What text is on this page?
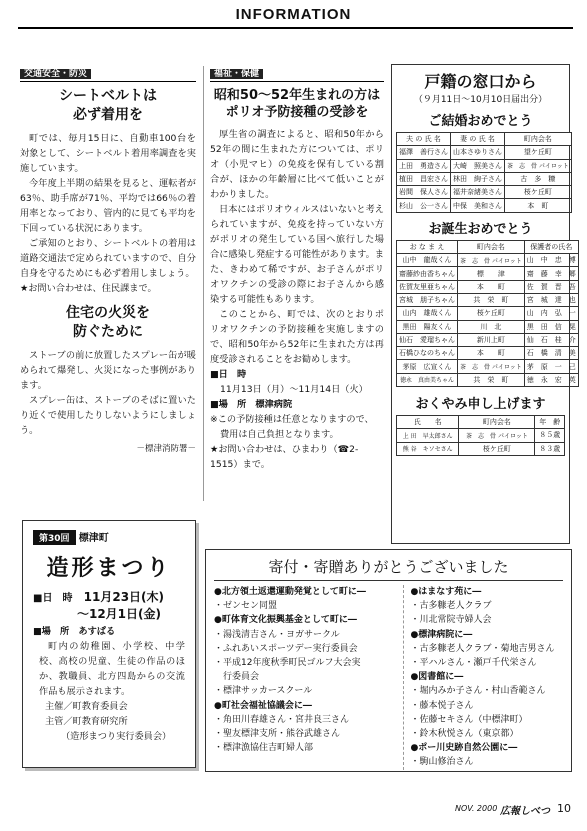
INFORMATION
交通安全・防災
シートベルトは
必ず着用を
町では、毎月15日に、自動車100台を対象として、シートベルト着用率調査を実施しています。
今年度上半期の結果を見ると、運転者が63％、助手席が71％、平均では66％の着用率となっており、管内的に見ても平均を下回っている状況にあります。
ご承知のとおり、シートベルトの着用は道路交通法で定められていますので、自分自身を守るためにも必ず着用しましょう。
★お問い合わせは、住民課まで。
住宅の火災を
防ぐために
ストーブの前に放置したスプレー缶が暖められて爆発し、火災になった事例があります。
スプレー缶は、ストーブのそばに置いたり近くで使用したりしないようにしましょう。
－標津消防署－
福祉・保健
昭和50〜52年生まれの方は
ポリオ予防接種の受診を
厚生省の調査によると、昭和50年から52年の間に生まれた方については、ポリオ（小児マヒ）の免疫を保有している割合が、ほかの年齢層に比べて低いことがわかりました。
日本にはポリオウィルスはいないと考えられていますが、免疫を持っていない方がポリオの発生している国へ旅行した場合に感染し発症する可能性があります。また、きわめて稀ですが、お子さんがポリオワクチンの受診の際にお子さんから感染する可能性もあります。
このことから、町では、次のとおりポリオワクチンの予防接種を実施しますので、昭和50年から52年に生まれた方は再度受診されることをお勧めします。
■日　時
11月13日（月）〜11月14日（火）
■場　所　標津病院
※この予防接種は任意となりますので、
費用は自己負担となります。
★お問い合わせは、ひまわり（☎2-1515）まで。
戸籍の窓口から
（９月11日〜10月10日届出分）
ご結婚おめでとう
夫 の 氏 名	妻 の 氏 名	町内会名
福澤　善行さん	山本さゆりさん	望ケ丘町
上田　勇造さん	大崎　照美さん	茶　志　骨 パイロット
植田　昌宏さん	林田　絢子さん	古　多　糠
岩間　保人さん	福井奈緒美さん	桜ケ丘町
杉山　公一さん	中保　美和さん	本　町
お誕生おめでとう
お な ま え	町内会名	保護者の氏名
山中　龍哉くん	茶　志　骨 パイロット	山　中　忠　博
齋藤紗由香ちゃん	標　　津	齋　藤　幸　郷
佐賀友里亜ちゃん	本　　町	佐　賀　晋　吾
宮城　朋子ちゃん	共　栄　町	宮　城　達　也
山内　雄哉くん	桜ケ丘町	山　内　弘　一
黒田　陽友くん	川　北	黒　田　信　晃
仙石　愛瑠ちゃん	新川上町	仙　石　桂　介
石橋ひなのちゃん	本　　町	石　橋　清　美
茅原　広宣くん	茶　志　骨 パイロット	茅　原　一　己
徳永　真由美ちゃん	共　栄　町	徳　永　宏　英
おくやみ申し上げます
氏　　名	町内会名	年　齢
上 田　早太郎さん	茶　志　骨 パイロット	８５歳
熊 谷　キソセさん	桜ケ丘町	８３歳
第30回 標津町
造形まつり
■日　時 11月23日(木)
〜12月1日(金)
■場　所　あすぱる
町内の幼稚園、小学校、中学校、高校の児童、生徒の作品のほか、教職員、北方四島からの交流作品も展示されます。
主催／町教育委員会
主管／町教育研究所
（造形まつり実行委員会）
寄付・寄贈ありがとうございました
●北方領土返還運動発覚として町に―
・ゼンセン同盟
●町体育文化振興基金として町に―
・湯浅清吉さん・ヨガサークル
・ふれあいスポーツデー実行委員会
・平成12年度秋季町民ゴルフ大会実
　行委員会
・標津サッカースクール
●町社会福祉協議会に―
・角田川春雄さん・宮井良三さん
・聖友標津支所・熊谷武雄さん
・標津漁協住吉町婦人部
●はまなす苑に―
・古多糠老人クラブ
・川北常院寺婦人会
●標津病院に―
・古多糠老人クラブ・菊地吉男さん
・平ハルさん・瀬戸千代栄さん
●図書館に―
・堀内みか子さん・村山香範さん
・藤本悦子さん
・佐藤セキさん（中標津町）
・鈴木秋悦さん（東京都）
●ポー川史跡自然公園に―
・駒山修治さん
NOV. 2000 広報しべつ 10
